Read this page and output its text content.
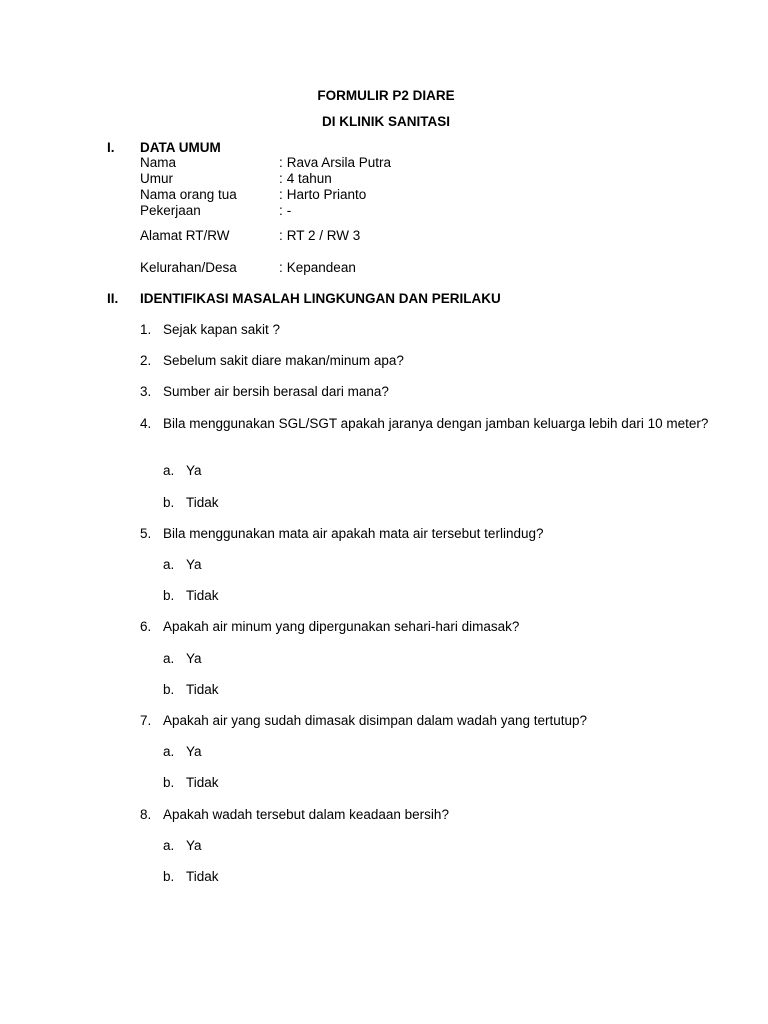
FORMULIR P2 DIARE
DI KLINIK SANITASI
I. DATA UMUM
Nama	: Rava Arsila Putra
Umur	: 4 tahun
Nama orang tua	: Harto Prianto
Pekerjaan	: -
Alamat RT/RW	: RT 2 / RW 3
Kelurahan/Desa	: Kepandean
II. IDENTIFIKASI MASALAH LINGKUNGAN DAN PERILAKU
1. Sejak kapan sakit ?
2. Sebelum sakit diare makan/minum apa?
3. Sumber air bersih berasal dari mana?
4. Bila menggunakan SGL/SGT apakah jaranya dengan jamban keluarga lebih dari 10 meter?
a. Ya
b. Tidak
5. Bila menggunakan mata air apakah mata air tersebut terlindug?
a. Ya
b. Tidak
6. Apakah air minum yang dipergunakan sehari-hari dimasak?
a. Ya
b. Tidak
7. Apakah air yang sudah dimasak disimpan dalam wadah yang tertutup?
a. Ya
b. Tidak
8. Apakah wadah tersebut dalam keadaan bersih?
a. Ya
b. Tidak
